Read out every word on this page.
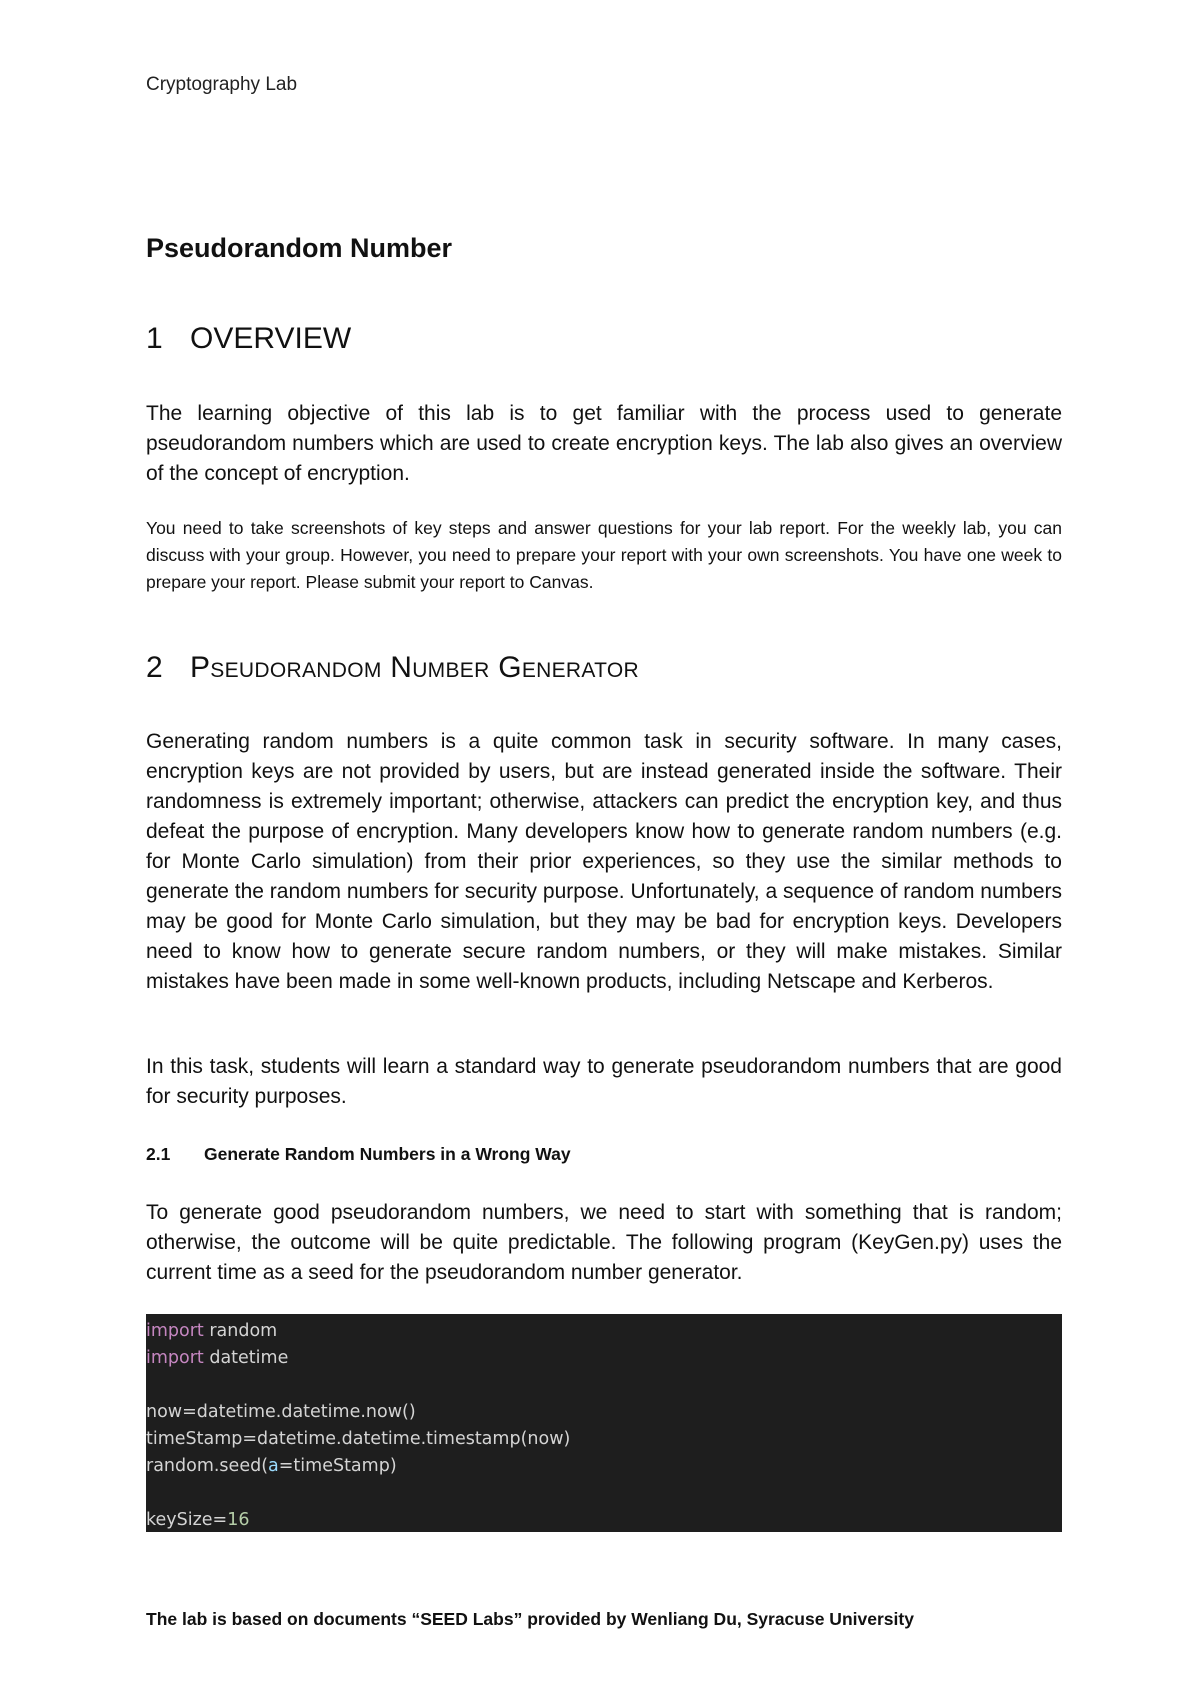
Cryptography Lab
Pseudorandom Number
1 OVERVIEW
The learning objective of this lab is to get familiar with the process used to generate pseudorandom numbers which are used to create encryption keys. The lab also gives an overview of the concept of encryption.
You need to take screenshots of key steps and answer questions for your lab report. For the weekly lab, you can discuss with your group. However, you need to prepare your report with your own screenshots. You have one week to prepare your report. Please submit your report to Canvas.
2 Pseudorandom Number Generator
Generating random numbers is a quite common task in security software. In many cases, encryption keys are not provided by users, but are instead generated inside the software. Their randomness is extremely important; otherwise, attackers can predict the encryption key, and thus defeat the purpose of encryption. Many developers know how to generate random numbers (e.g. for Monte Carlo simulation) from their prior experiences, so they use the similar methods to generate the random numbers for security purpose. Unfortunately, a sequence of random numbers may be good for Monte Carlo simulation, but they may be bad for encryption keys. Developers need to know how to generate secure random numbers, or they will make mistakes. Similar mistakes have been made in some well-known products, including Netscape and Kerberos.
In this task, students will learn a standard way to generate pseudorandom numbers that are good for security purposes.
2.1	Generate Random Numbers in a Wrong Way
To generate good pseudorandom numbers, we need to start with something that is random; otherwise, the outcome will be quite predictable. The following program (KeyGen.py) uses the current time as a seed for the pseudorandom number generator.
import random
import datetime
now=datetime.datetime.now()
timeStamp=datetime.datetime.timestamp(now)
random.seed(a=timeStamp)
keySize=16
The lab is based on documents “SEED Labs” provided by Wenliang Du, Syracuse University
